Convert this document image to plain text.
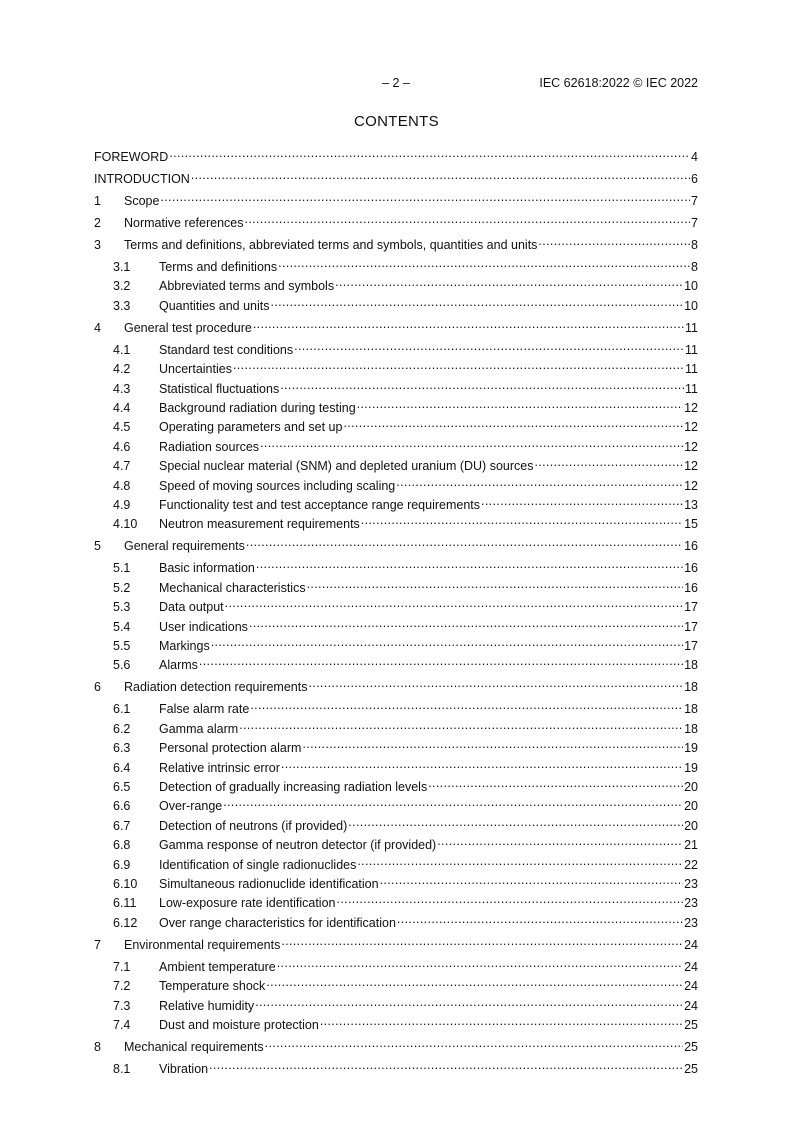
– 2 –	IEC 62618:2022 © IEC 2022
CONTENTS
FOREWORD .....	4
INTRODUCTION .....	6
1	Scope .....	7
2	Normative references .....	7
3	Terms and definitions, abbreviated terms and symbols, quantities and units .....	8
3.1	Terms and definitions .....	8
3.2	Abbreviated terms and symbols .....	10
3.3	Quantities and units .....	10
4	General test procedure .....	11
4.1	Standard test conditions .....	11
4.2	Uncertainties .....	11
4.3	Statistical fluctuations .....	11
4.4	Background radiation during testing .....	12
4.5	Operating parameters and set up .....	12
4.6	Radiation sources .....	12
4.7	Special nuclear material (SNM) and depleted uranium (DU) sources .....	12
4.8	Speed of moving sources including scaling .....	12
4.9	Functionality test and test acceptance range requirements .....	13
4.10	Neutron measurement requirements .....	15
5	General requirements .....	16
5.1	Basic information .....	16
5.2	Mechanical characteristics .....	16
5.3	Data output .....	17
5.4	User indications .....	17
5.5	Markings .....	17
5.6	Alarms .....	18
6	Radiation detection requirements .....	18
6.1	False alarm rate .....	18
6.2	Gamma alarm .....	18
6.3	Personal protection alarm .....	19
6.4	Relative intrinsic error .....	19
6.5	Detection of gradually increasing radiation levels .....	20
6.6	Over-range .....	20
6.7	Detection of neutrons (if provided) .....	20
6.8	Gamma response of neutron detector (if provided) .....	21
6.9	Identification of single radionuclides .....	22
6.10	Simultaneous radionuclide identification .....	23
6.11	Low-exposure rate identification .....	23
6.12	Over range characteristics for identification .....	23
7	Environmental requirements .....	24
7.1	Ambient temperature .....	24
7.2	Temperature shock .....	24
7.3	Relative humidity .....	24
7.4	Dust and moisture protection .....	25
8	Mechanical requirements .....	25
8.1	Vibration .....	25
